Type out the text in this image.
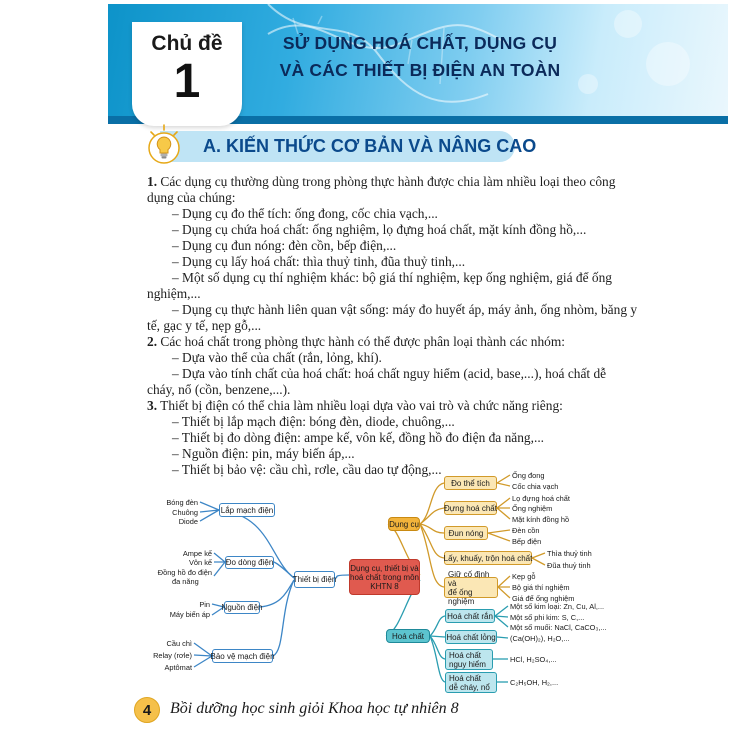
Chủ đề
1
SỬ DỤNG HOÁ CHẤT, DỤNG CỤ
VÀ CÁC THIẾT BỊ ĐIỆN AN TOÀN
A. KIẾN THỨC CƠ BẢN VÀ NÂNG CAO
1. Các dụng cụ thường dùng trong phòng thực hành được chia làm nhiều loại theo công
dụng của chúng:
– Dụng cụ đo thể tích: ống đong, cốc chia vạch,...
– Dụng cụ chứa hoá chất: ống nghiệm, lọ đựng hoá chất, mặt kính đồng hồ,...
– Dụng cụ đun nóng: đèn cồn, bếp điện,...
– Dụng cụ lấy hoá chất: thìa thuỷ tinh, đũa thuỷ tinh,...
– Một số dụng cụ thí nghiệm khác: bộ giá thí nghiệm, kẹp ống nghiệm, giá để ống
nghiệm,...
– Dụng cụ thực hành liên quan vật sống: máy đo huyết áp, máy ảnh, ống nhòm, băng y
tế, gạc y tế, nẹp gỗ,...
2. Các hoá chất trong phòng thực hành có thể được phân loại thành các nhóm:
– Dựa vào thể của chất (rắn, lỏng, khí).
– Dựa vào tính chất của hoá chất: hoá chất nguy hiểm (acid, base,...), hoá chất dễ
cháy, nổ (cồn, benzene,...).
3. Thiết bị điện có thể chia làm nhiều loại dựa vào vai trò và chức năng riêng:
– Thiết bị lắp mạch điện: bóng đèn, diode, chuông,...
– Thiết bị đo dòng điện: ampe kế, vôn kế, đồng hồ đo điện đa năng,...
– Nguồn điện: pin, máy biến áp,...
– Thiết bị bảo vệ: cầu chì, rơle, cầu dao tự động,...
Dụng cụ, thiết bị và hoá chất trong môn KHTN 8
Thiết bị điện
Lắp mạch điện
Đo dòng điện
Nguồn điện
Bảo vệ mạch điện
Bóng đèn
Chuông
Diode
Ampe kế
Vôn kế
Đồng hồ đo điện
đa năng
Pin
Máy biến áp
Cầu chì
Relay (rơle)
Aptômat
Dụng cụ
Đo thể tích
Đựng hoá chất
Đun nóng
Lấy, khuấy, trộn hoá chất
Giữ cố định và
để ống nghiệm
Ống đong
Cốc chia vạch
Lọ đựng hoá chất
Ống nghiệm
Mặt kính đồng hồ
Đèn cồn
Bếp điện
Thìa thuỷ tinh
Đũa thuỷ tinh
Kẹp gỗ
Bộ giá thí nghiệm
Giá để ống nghiệm
Hoá chất
Hoá chất rắn
Hoá chất lỏng
Hoá chất
nguy hiểm
Hoá chất
dễ cháy, nổ
Một số kim loại: Zn, Cu, Al,...
Một số phi kim: S, C,...
Một số muối: NaCl, CaCO₃,...
(Ca(OH)₂), H₂O,...
HCl, H₂SO₄,...
C₂H₅OH, H₂,...
4	Bồi dưỡng học sinh giỏi Khoa học tự nhiên 8
